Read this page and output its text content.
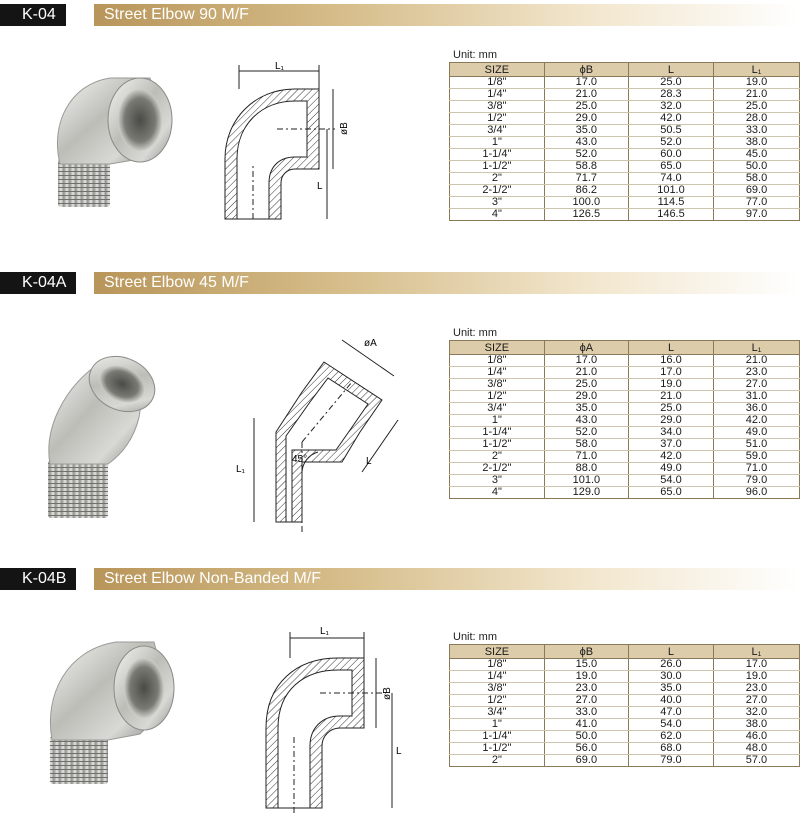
K-04	Street Elbow 90 M/F
L₁
øB
L
Unit: mm
SIZE	ϕB	L	L₁
1/8"	17.0	25.0	19.0
1/4"	21.0	28.3	21.0
3/8"	25.0	32.0	25.0
1/2"	29.0	42.0	28.0
3/4"	35.0	50.5	33.0
1"	43.0	52.0	38.0
1-1/4"	52.0	60.0	45.0
1-1/2"	58.8	65.0	50.0
2"	71.7	74.0	58.0
2-1/2"	86.2	101.0	69.0
3"	100.0	114.5	77.0
4"	126.5	146.5	97.0
K-04A	Street Elbow 45 M/F
45°
øA
L
L₁
Unit: mm
SIZE	ϕA	L	L₁
1/8"	17.0	16.0	21.0
1/4"	21.0	17.0	23.0
3/8"	25.0	19.0	27.0
1/2"	29.0	21.0	31.0
3/4"	35.0	25.0	36.0
1"	43.0	29.0	42.0
1-1/4"	52.0	34.0	49.0
1-1/2"	58.0	37.0	51.0
2"	71.0	42.0	59.0
2-1/2"	88.0	49.0	71.0
3"	101.0	54.0	79.0
4"	129.0	65.0	96.0
K-04B	Street Elbow Non-Banded M/F
L₁
øB
L
Unit: mm
SIZE	ϕB	L	L₁
1/8"	15.0	26.0	17.0
1/4"	19.0	30.0	19.0
3/8"	23.0	35.0	23.0
1/2"	27.0	40.0	27.0
3/4"	33.0	47.0	32.0
1"	41.0	54.0	38.0
1-1/4"	50.0	62.0	46.0
1-1/2"	56.0	68.0	48.0
2"	69.0	79.0	57.0
